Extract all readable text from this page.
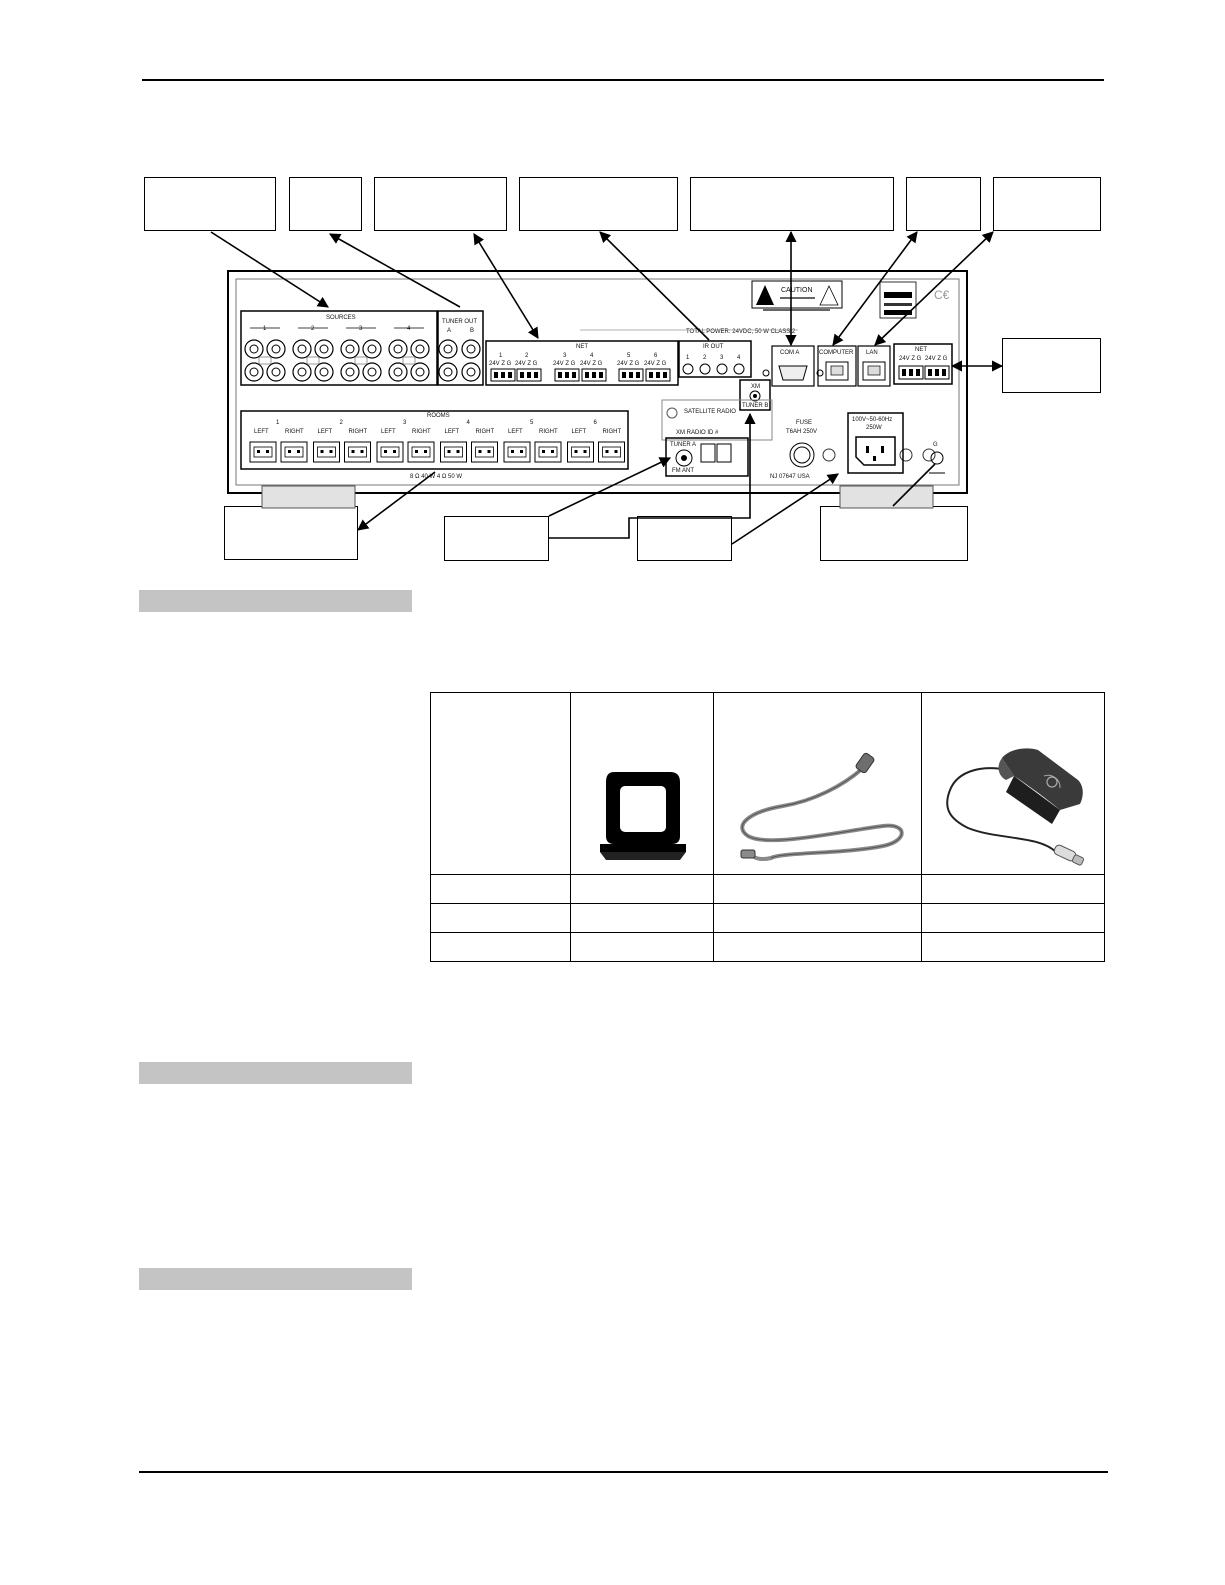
SOURCES
1	2	3	4
TUNER OUT
A	B
NET
1
24V Z G
2
24V Z G
3
24V Z G
4
24V Z G
5
24V Z G
6
24V Z G
TOTAL POWER: 24VDC, 50 W CLASS 2
IR OUT
1 2 3 4
COM A	COMPUTER LAN	NET
24V Z G 24V Z G
CAUTION	C€
XM
TUNER B
SATELLITE RADIO
XM RADIO ID #
TUNER A
FM ANT
NJ 07647 USA
FUSE
T6AH 250V
100V~50-60Hz
250W
G
ROOMS
1
LEFT	RIGHT
2
LEFT	RIGHT
3
LEFT	RIGHT
4
LEFT	RIGHT
5
LEFT	RIGHT
6
LEFT	RIGHT
8 Ω 40 W 4 Ω 50 W
